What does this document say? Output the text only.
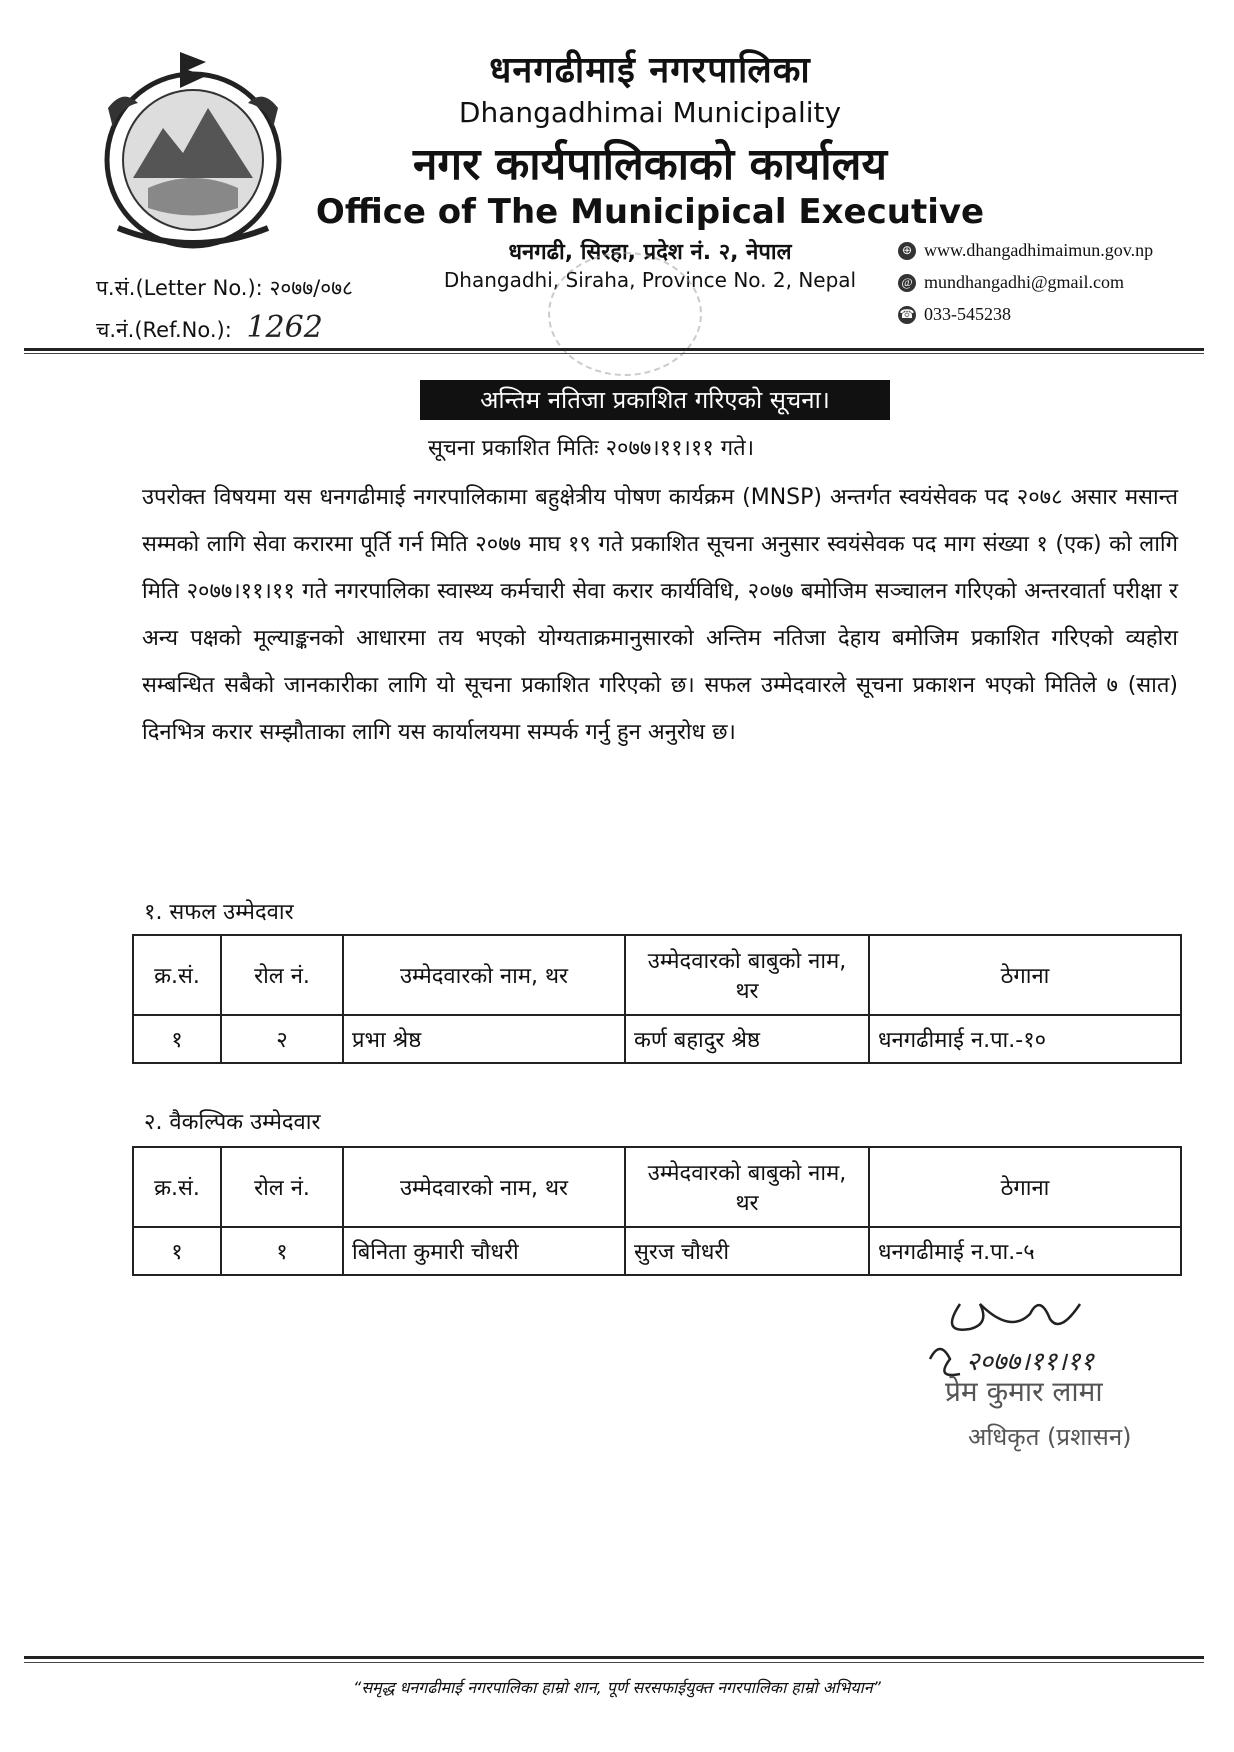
धनगढीमाई नगरपालिका
Dhangadhimai Municipality
नगर कार्यपालिकाको कार्यालय
Office of The Municipical Executive
धनगढी, सिरहा, प्रदेश नं. २, नेपाल
Dhangadhi, Siraha, Province No. 2, Nepal
⊕ www.dhangadhimaimun.gov.np
@ mundhangadhi@gmail.com
☎ 033-545238
प.सं.(Letter No.): २०७७/०७८
च.नं.(Ref.No.): 1262
अन्तिम नतिजा प्रकाशित गरिएको सूचना।
सूचना प्रकाशित मितिः २०७७।११।११ गते।
उपरोक्त विषयमा यस धनगढीमाई नगरपालिकामा बहुक्षेत्रीय पोषण कार्यक्रम (MNSP) अन्तर्गत स्वयंसेवक पद २०७८ असार मसान्त सम्मको लागि सेवा करारमा पूर्ति गर्न मिति २०७७ माघ १९ गते प्रकाशित सूचना अनुसार स्वयंसेवक पद माग संख्या १ (एक) को लागि मिति २०७७।११।११ गते नगरपालिका स्वास्थ्य कर्मचारी सेवा करार कार्यविधि, २०७७ बमोजिम सञ्चालन गरिएको अन्तरवार्ता परीक्षा र अन्य पक्षको मूल्याङ्कनको आधारमा तय भएको योग्यताक्रमानुसारको अन्तिम नतिजा देहाय बमोजिम प्रकाशित गरिएको व्यहोरा सम्बन्धित सबैको जानकारीका लागि यो सूचना प्रकाशित गरिएको छ। सफल उम्मेदवारले सूचना प्रकाशन भएको मितिले ७ (सात) दिनभित्र करार सम्झौताका लागि यस कार्यालयमा सम्पर्क गर्नु हुन अनुरोध छ।
१. सफल उम्मेदवार
क्र.सं.	रोल नं.	उम्मेदवारको नाम, थर	उम्मेदवारको बाबुको नाम, थर	ठेगाना
१	२	प्रभा श्रेष्ठ	कर्ण बहादुर श्रेष्ठ	धनगढीमाई न.पा.-१०
२. वैकल्पिक उम्मेदवार
क्र.सं.	रोल नं.	उम्मेदवारको नाम, थर	उम्मेदवारको बाबुको नाम, थर	ठेगाना
१	१	बिनिता कुमारी चौधरी	सुरज चौधरी	धनगढीमाई न.पा.-५
२०७७।११।११
प्रेम कुमार लामा
अधिकृत (प्रशासन)
“समृद्ध धनगढीमाई नगरपालिका हाम्रो शान, पूर्ण सरसफाईयुक्त नगरपालिका हाम्रो अभियान”
